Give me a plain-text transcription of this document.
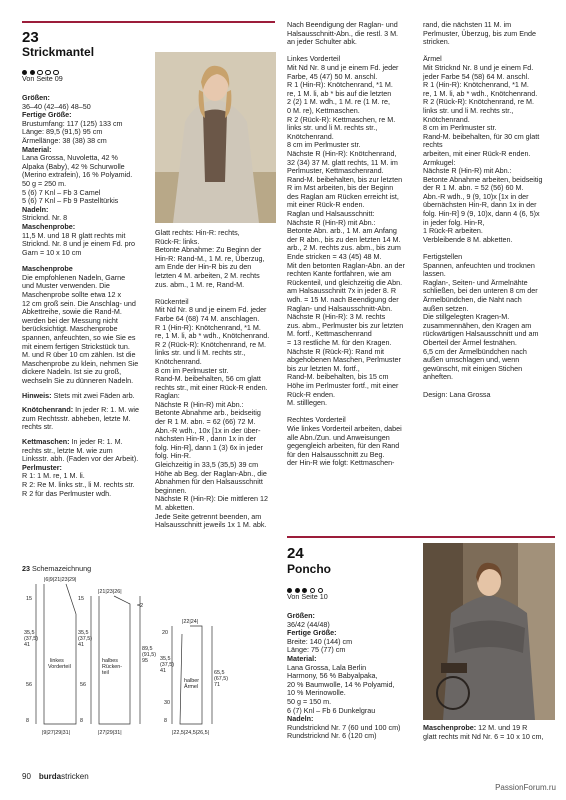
23
Strickmantel
Von Seite 09

Größen:
36–40 (42–46) 48–50

Fertige Größe:
Brustumfang: 117 (125) 133 cm
Länge: 89,5 (91,5) 95 cm
Ärmellänge: 38 (38) 38 cm

Material:
Lana Grossa, Nuvoletta, 42 %
Alpaka (Baby), 42 % Schurwolle
(Merino extrafein), 16 % Polyamid.
50 g = 250 m.
5 (6) 7 Knl – Fb 3 Camel
5 (6) 7 Knl – Fb 9 Pastelltürkis

Nadeln:
Stricknd. Nr. 8

Maschenprobe:
11,5 M. und 18 R glatt rechts mit
Stricknd. Nr. 8 und je einem Fd. pro
Garn = 10 x 10 cm

Maschenprobe
Die empfohlenen Nadeln, Garne
und Muster verwenden. Die
Maschenprobe sollte etwa 12 x
12 cm groß sein. Die Anschlag- und
Abkettreihe, sowie die Rand-M.
werden bei der Messung nicht
berücksichtigt. Maschenprobe
spannen, anfeuchten, so wie Sie es
mit einem fertigen Strickstück tun.
M. und R über 10 cm zählen. Ist die
Maschenprobe zu klein, nehmen Sie
dickere Nadeln. Ist sie zu groß,
wechseln Sie zu dünneren Nadeln.

Hinweis: Stets mit zwei Fäden arb.

Knötchenrand: In jeder R: 1. M. wie
zum Rechtsstr. abheben, letzte M.
rechts str.

Kettmaschen: In jeder R: 1. M.
rechts str., letzte M. wie zum
Linksstr. abh. (Faden vor der Arbeit).

Perlmuster:
R 1: 1 M. re, 1 M. li.
R 2: Re M. links str., li M. rechts str.
R 2 für das Perlmuster wdh.

Glatt rechts: Hin-R: rechts,
Rück-R: links.
Betonte Abnahme: Zu Beginn der
Hin-R: Rand-M., 1 M. re, Überzug,
am Ende der Hin-R bis zu den
letzten 4 M. arbeiten, 2 M. rechts
zus. abm., 1 M. re, Rand-M.

Rückenteil
Mit Nd Nr. 8 und je einem Fd. jeder
Farbe 64 (68) 74 M. anschlagen.
R 1 (Hin-R): Knötchenrand, *1 M.
re, 1 M. li, ab * wdh., Knötchenrand.
R 2 (Rück-R): Knötchenrand, re M.
links str. und li M. rechts str.,
Knötchenrand.
8 cm im Perlmuster str.
Rand-M. beibehalten, 56 cm glatt
rechts str., mit einer Rück-R enden.
Raglan:
Nächste R (Hin-R) mit Abn.:
Betonte Abnahme arb., beidseitig
der R 1 M. abn. = 62 (66) 72 M.
Abn.-R wdh., 10x [1x in der über-
nächsten Hin-R , dann 1x in der
folg. Hin-R], dann 1 (3) 6x in jeder
folg. Hin-R.
Gleichzeitig in 33,5 (35,5) 39 cm
Höhe ab Beg. der Raglan-Abn., die
Abnahmen für den Halsausschnitt
beginnen.
Nächste R (Hin-R): Die mittleren 12
M. abketten.
Jede Seite getrennt beenden, am
Halsausschnitt jeweils 1x 1 M. abk.

Nach Beendigung der Raglan- und
Halsausschnitt-Abn., die restl. 3 M.
an jeder Schulter abk.

Linkes Vorderteil
Mit Nd Nr. 8 und je einem Fd. jeder
Farbe, 45 (47) 50 M. anschl.
R 1 (Hin-R): Knötchenrand, *1 M.
re, 1 M. li, ab * bis auf die letzten
2 (2) 1 M. wdh., 1 M. re (1 M. re,
0 M. re), Kettmaschen.
R 2 (Rück-R): Kettmaschen, re M.
links str. und li M. rechts str.,
Knötchenrand.
8 cm im Perlmuster str.
Nächste R (Hin-R): Knötchenrand,
32 (34) 37 M. glatt rechts, 11 M. im
Perlmuster, Kettmaschenrand.
Rand-M. beibehalten, bis zur letzten
R im Mst arbeiten, bis der Beginn
des Raglan am Rücken erreicht ist,
mit einer Rück-R enden.
Raglan und Halsausschnitt:
Nächste R (Hin-R) mit Abn.:
Betonte Abn. arb., 1 M. am Anfang
der R abn., bis zu den letzten 14 M.
arb., 2 M. rechts zus. abm., bis zum
Ende stricken = 43 (45) 48 M.
Mit den betonten Raglan-Abn. an der
rechten Kante fortfahren, wie am
Rückenteil, und gleichzeitig die Abn.
am Halsausschnitt 7x in jeder 8. R
wdh. = 15 M. nach Beendigung der
Raglan- und Halsausschnitt-Abn.
Nächste R (Hin-R): 3 M. rechts
zus. abm., Perlmuster bis zur letzten
M. fortf., Kettmaschenrand
= 13 restliche M. für den Kragen.
Nächste R (Rück-R): Rand mit
abgehobenen Maschen, Perlmuster
bis zur letzten M. fortf.,
Rand-M. beibehalten, bis 15 cm
Höhe im Perlmuster fortf., mit einer
Rück-R enden.
M. stilllegen.

Rechtes Vorderteil
Wie linkes Vorderteil arbeiten, dabei
alle Abn./Zun. und Anweisungen
gegengleich arbeiten, für den Rand
für den Halsausschnitt zu Beg.
der Hin-R wie folgt: Kettmaschen-

rand, die nächsten 11 M. im
Perlmuster, Überzug, bis zum Ende
stricken.

Ärmel
Mit Stricknd Nr. 8 und je einem Fd.
jeder Farbe 54 (58) 64 M. anschl.
R 1 (Hin-R): Knötchenrand, *1 M.
re, 1 M. li, ab * wdh., Knötchenrand.
R 2 (Rück-R): Knötchenrand, re M.
links str. und li M. rechts str.,
Knötchenrand.
8 cm im Perlmuster str.
Rand-M. beibehalten, für 30 cm glatt rechts
arbeiten, mit einer Rück-R enden.
Armkugel:
Nächste R (Hin-R) mit Abn.:
Betonte Abnahme arbeiten, beidseitig
der R 1 M. abn. = 52 (56) 60 M.
Abn.-R wdh., 9 (9, 10)x [1x in der
übernächsten Hin-R, dann 1x in der
folg. Hin-R] 9 (9, 10)x, dann 4 (6, 5)x
in jeder folg. Hin-R,
1 Rück-R arbeiten.
Verbleibende 8 M. abketten.

Fertigstellen
Spannen, anfeuchten und trocknen
lassen.
Raglan-, Seiten- und Ärmelnähte
schließen, bei den unteren 8 cm der
Ärmelbündchen, die Naht nach
außen setzen.
Die stillgelegten Kragen-M.
zusammennähen, den Kragen am
rückwärtigen Halsausschnitt und am
Oberteil der Ärmel festnähen.
6,5 cm der Ärmelbündchen nach
außen umschlagen und, wenn
gewünscht, mit einigen Stichen
anheften.

Design: Lana Grossa

23 Schemazeichnung
|6|9|21|23|29|
|21|23|26|
|22|24|
15
35,5
(37,5)
41
56
8
15
35,5
(37,5)
41
56
8
=2
89,5
(91,5)
95
20
35,5
(37,5)
41
30
8
65,5
(67,5)
71
linkes
Vorderteil
halbes
Rücken-
teil
halber
Ärmel
|9|27|29|31|	|27|29|31|	|22,5|24,5|26,5|
24
Poncho
Von Seite 10

Größen:
36/42 (44/48)

Fertige Größe:
Breite: 140 (144) cm
Länge: 75 (77) cm

Material:
Lana Grossa, Lala Berlin
Harmony, 56 % Babyalpaka,
20 % Baumwolle, 14 % Polyamid,
10 % Merinowolle.
50 g = 150 m.
6 (7) Knl – Fb 6 Dunkelgrau

Nadeln:
Rundstricknd Nr. 7 (60 und 100 cm)
Rundstricknd Nr. 6 (120 cm)

Maschenprobe: 12 M. und 19 R
glatt rechts mit Nd Nr. 6 = 10 x 10 cm,

90 burdastricken
PassionForum.ru
